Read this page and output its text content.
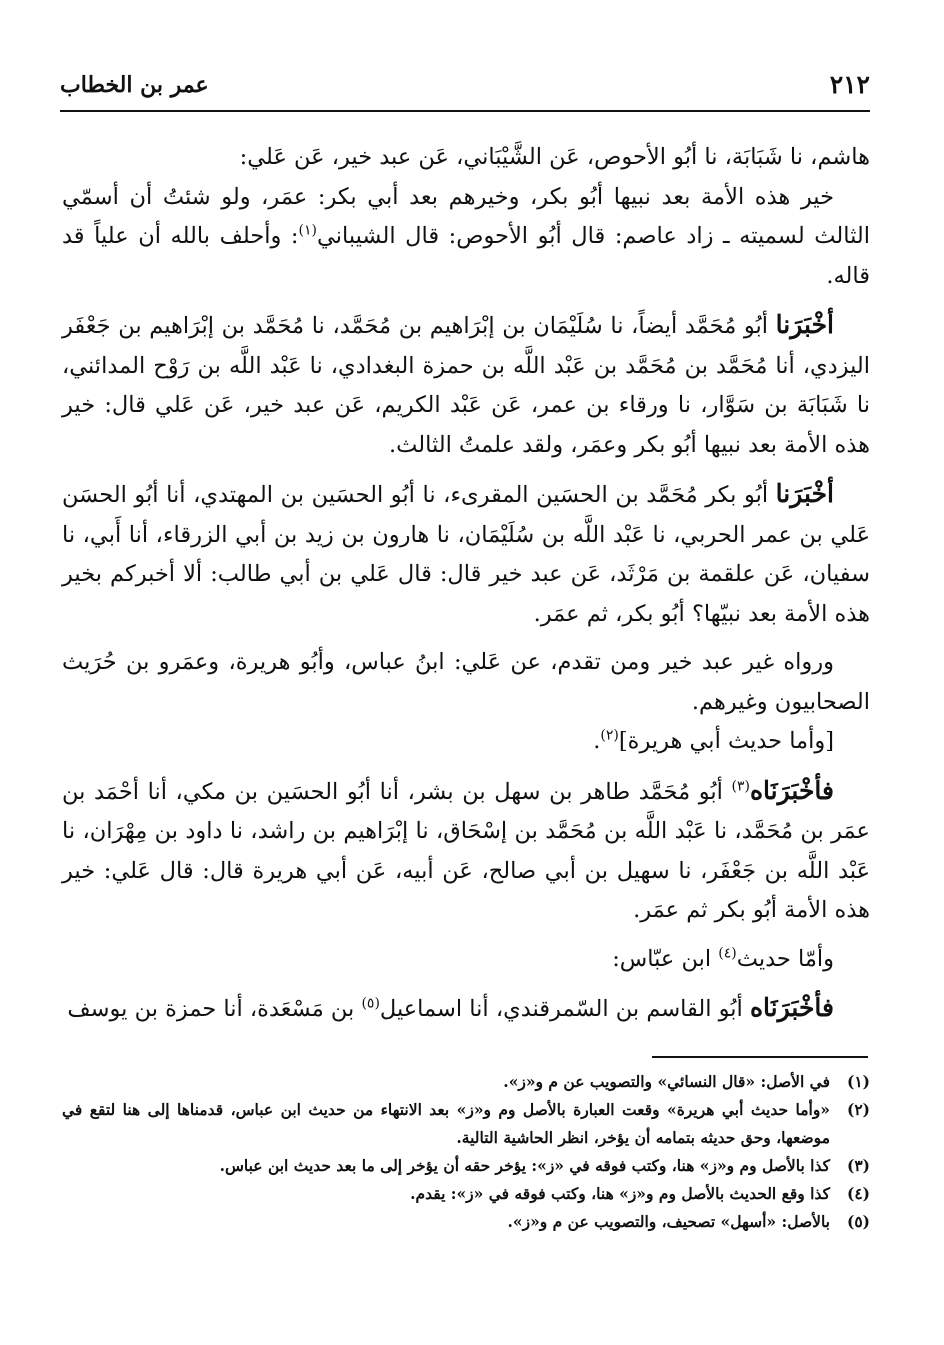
٢١٢
عمر بن الخطاب

هاشم، نا شَبَابَة، نا أبُو الأحوص، عَن الشَّيْبَاني، عَن عبد خير، عَن عَلي:

خير هذه الأمة بعد نبيها أبُو بكر، وخيرهم بعد أبي بكر: عمَر، ولو شئتُ أن أسمّي الثالث لسميته ـ زاد عاصم: قال أبُو الأحوص: قال الشيباني$^{(١)}$: وأحلف بالله أن علياً قد قاله.

أخْبَرَنا أبُو مُحَمَّد أيضاً، نا سُلَيْمَان بن إبْرَاهيم بن مُحَمَّد، نا مُحَمَّد بن إبْرَاهيم بن جَعْفَر اليزدي، أنا مُحَمَّد بن مُحَمَّد بن عَبْد اللَّه بن حمزة البغدادي، نا عَبْد اللَّه بن رَوْح المدائني، نا شَبَابَة بن سَوَّار، نا ورقاء بن عمر، عَن عَبْد الكريم، عَن عبد خير، عَن عَلي قال: خير هذه الأمة بعد نبيها أبُو بكر وعمَر، ولقد علمتُ الثالث.

أخْبَرَنا أبُو بكر مُحَمَّد بن الحسَين المقرىء، نا أبُو الحسَين بن المهتدي، أنا أبُو الحسَن عَلي بن عمر الحربي، نا عَبْد اللَّه بن سُلَيْمَان، نا هارون بن زيد بن أبي الزرقاء، أنا أَبي، نا سفيان، عَن علقمة بن مَرْثَد، عَن عبد خير قال: قال عَلي بن أبي طالب: ألا أخبركم بخير هذه الأمة بعد نبيّها؟ أبُو بكر، ثم عمَر.

ورواه غير عبد خير ومن تقدم، عن عَلي: ابنُ عباس، وأبُو هريرة، وعمَرو بن حُرَيث الصحابيون وغيرهم.

[وأما حديث أبي هريرة]$^{(٢)}$.

فأخْبَرَنَاه$^{(٣)}$ أبُو مُحَمَّد طاهر بن سهل بن بشر، أنا أبُو الحسَين بن مكي، أنا أحْمَد بن عمَر بن مُحَمَّد، نا عَبْد اللَّه بن مُحَمَّد بن إسْحَاق، نا إبْرَاهيم بن راشد، نا داود بن مِهْرَان، نا عَبْد اللَّه بن جَعْفَر، نا سهيل بن أبي صالح، عَن أبيه، عَن أبي هريرة قال: قال عَلي: خير هذه الأمة أبُو بكر ثم عمَر.

وأمّا حديث$^{(٤)}$ ابن عبّاس:

فأخْبَرَنَاه أبُو القاسم بن السّمرقندي، أنا اسماعيل$^{(٥)}$ بن مَسْعَدة، أنا حمزة بن يوسف

(١)
في الأصل: «قال النسائي» والتصويب عن م و«ز».
(٢)
«وأما حديث أبي هريرة» وقعت العبارة بالأصل وم و«ز» بعد الانتهاء من حديث ابن عباس، قدمناها إلى هنا لتقع في موضعها، وحق حديثه بتمامه أن يؤخر، انظر الحاشية التالية.
(٣)
كذا بالأصل وم و«ز» هنا، وكتب فوقه في «ز»: يؤخر حقه أن يؤخر إلى ما بعد حديث ابن عباس.
(٤)
كذا وقع الحديث بالأصل وم و«ز» هنا، وكتب فوقه في «ز»: يقدم.
(٥)
بالأصل: «أسهل» تصحيف، والتصويب عن م و«ز».
